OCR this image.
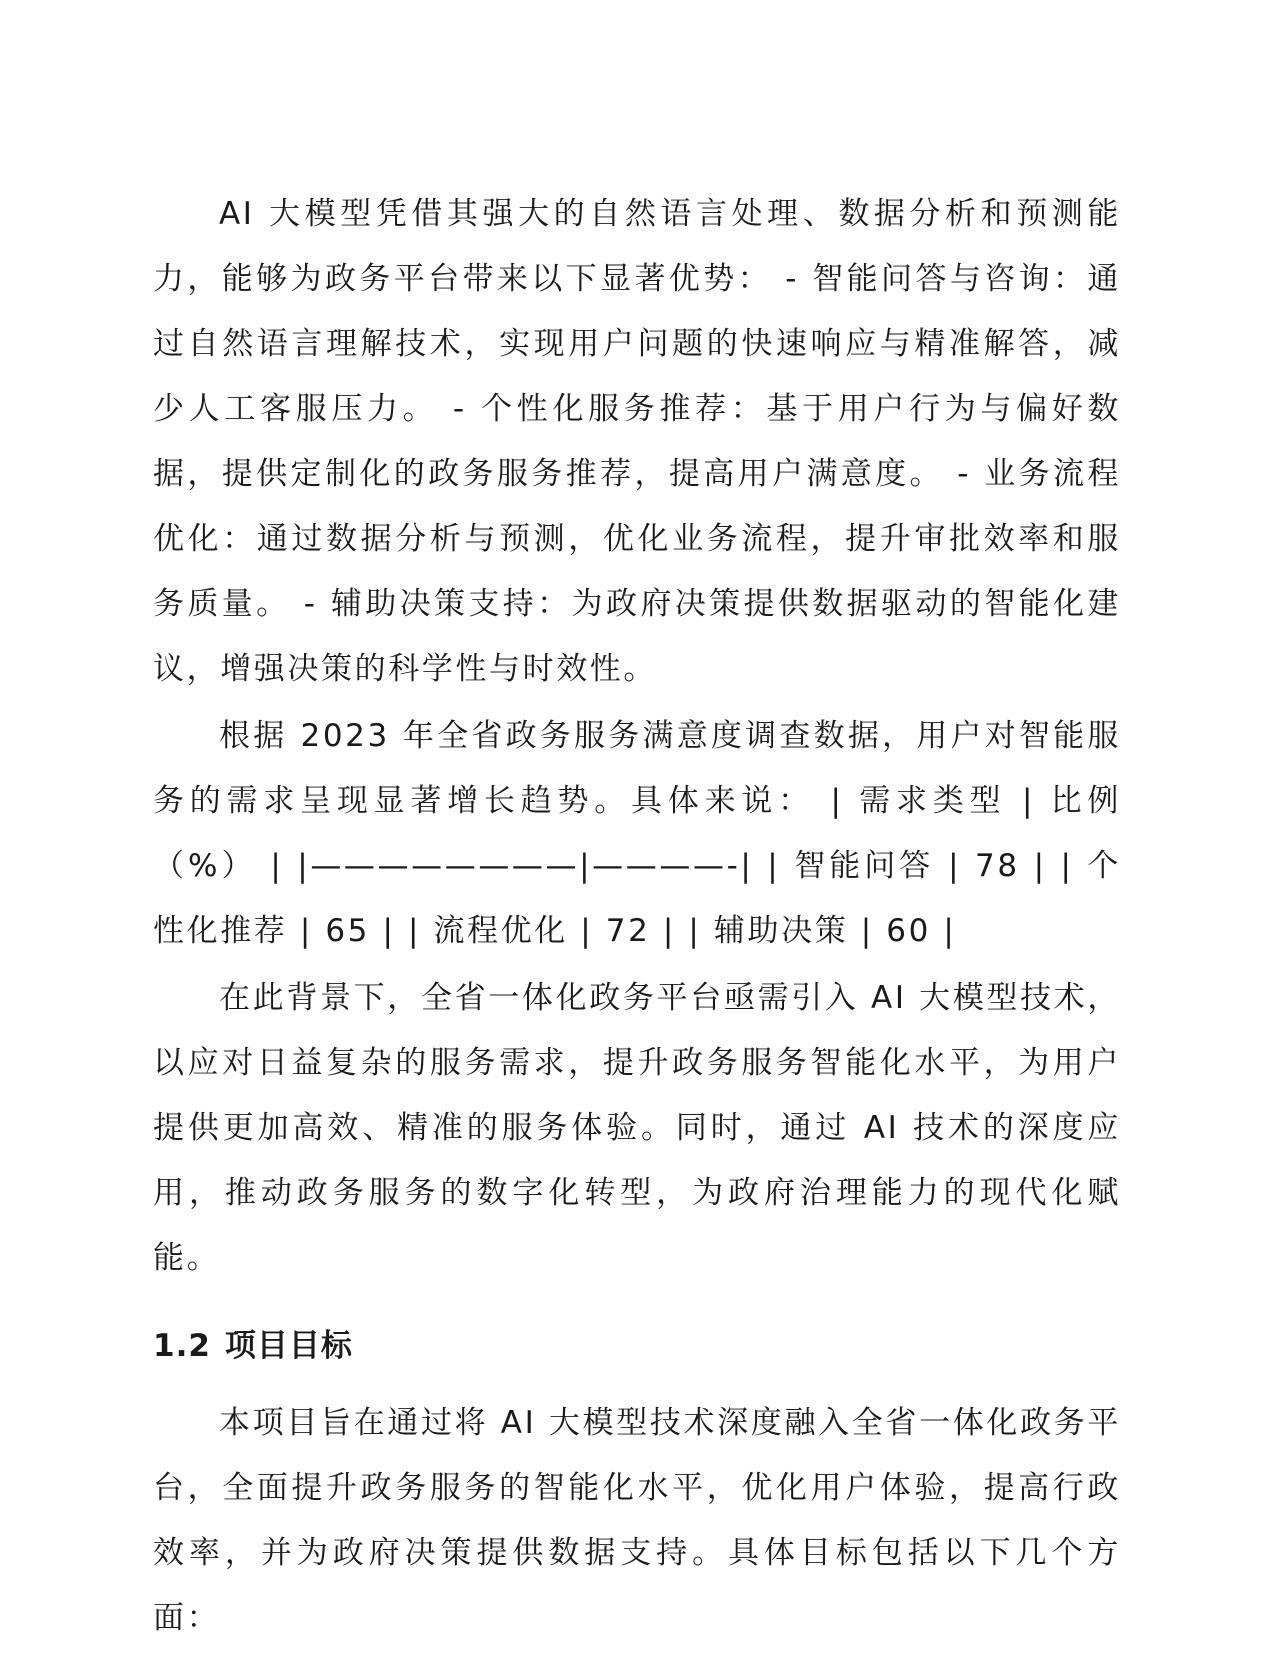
AI 大模型凭借其强大的自然语言处理、数据分析和预测能力，能够为政务平台带来以下显著优势： - 智能问答与咨询：通过自然语言理解技术，实现用户问题的快速响应与精准解答，减少人工客服压力。 - 个性化服务推荐：基于用户行为与偏好数据，提供定制化的政务服务推荐，提高用户满意度。 - 业务流程优化：通过数据分析与预测，优化业务流程，提升审批效率和服务质量。 - 辅助决策支持：为政府决策提供数据驱动的智能化建议，增强决策的科学性与时效性。

根据 2023 年全省政务服务满意度调查数据，用户对智能服务的需求呈现显著增长趋势。具体来说： | 需求类型 | 比例（%） | |————————|————-| | 智能问答 | 78 | | 个性化推荐 | 65 | | 流程优化 | 72 | | 辅助决策 | 60 |

在此背景下，全省一体化政务平台亟需引入 AI 大模型技术，以应对日益复杂的服务需求，提升政务服务智能化水平，为用户提供更加高效、精准的服务体验。同时，通过 AI 技术的深度应用，推动政务服务的数字化转型，为政府治理能力的现代化赋能。

1.2 项目目标

本项目旨在通过将 AI 大模型技术深度融入全省一体化政务平台，全面提升政务服务的智能化水平，优化用户体验，提高行政效率，并为政府决策提供数据支持。具体目标包括以下几个方面：
